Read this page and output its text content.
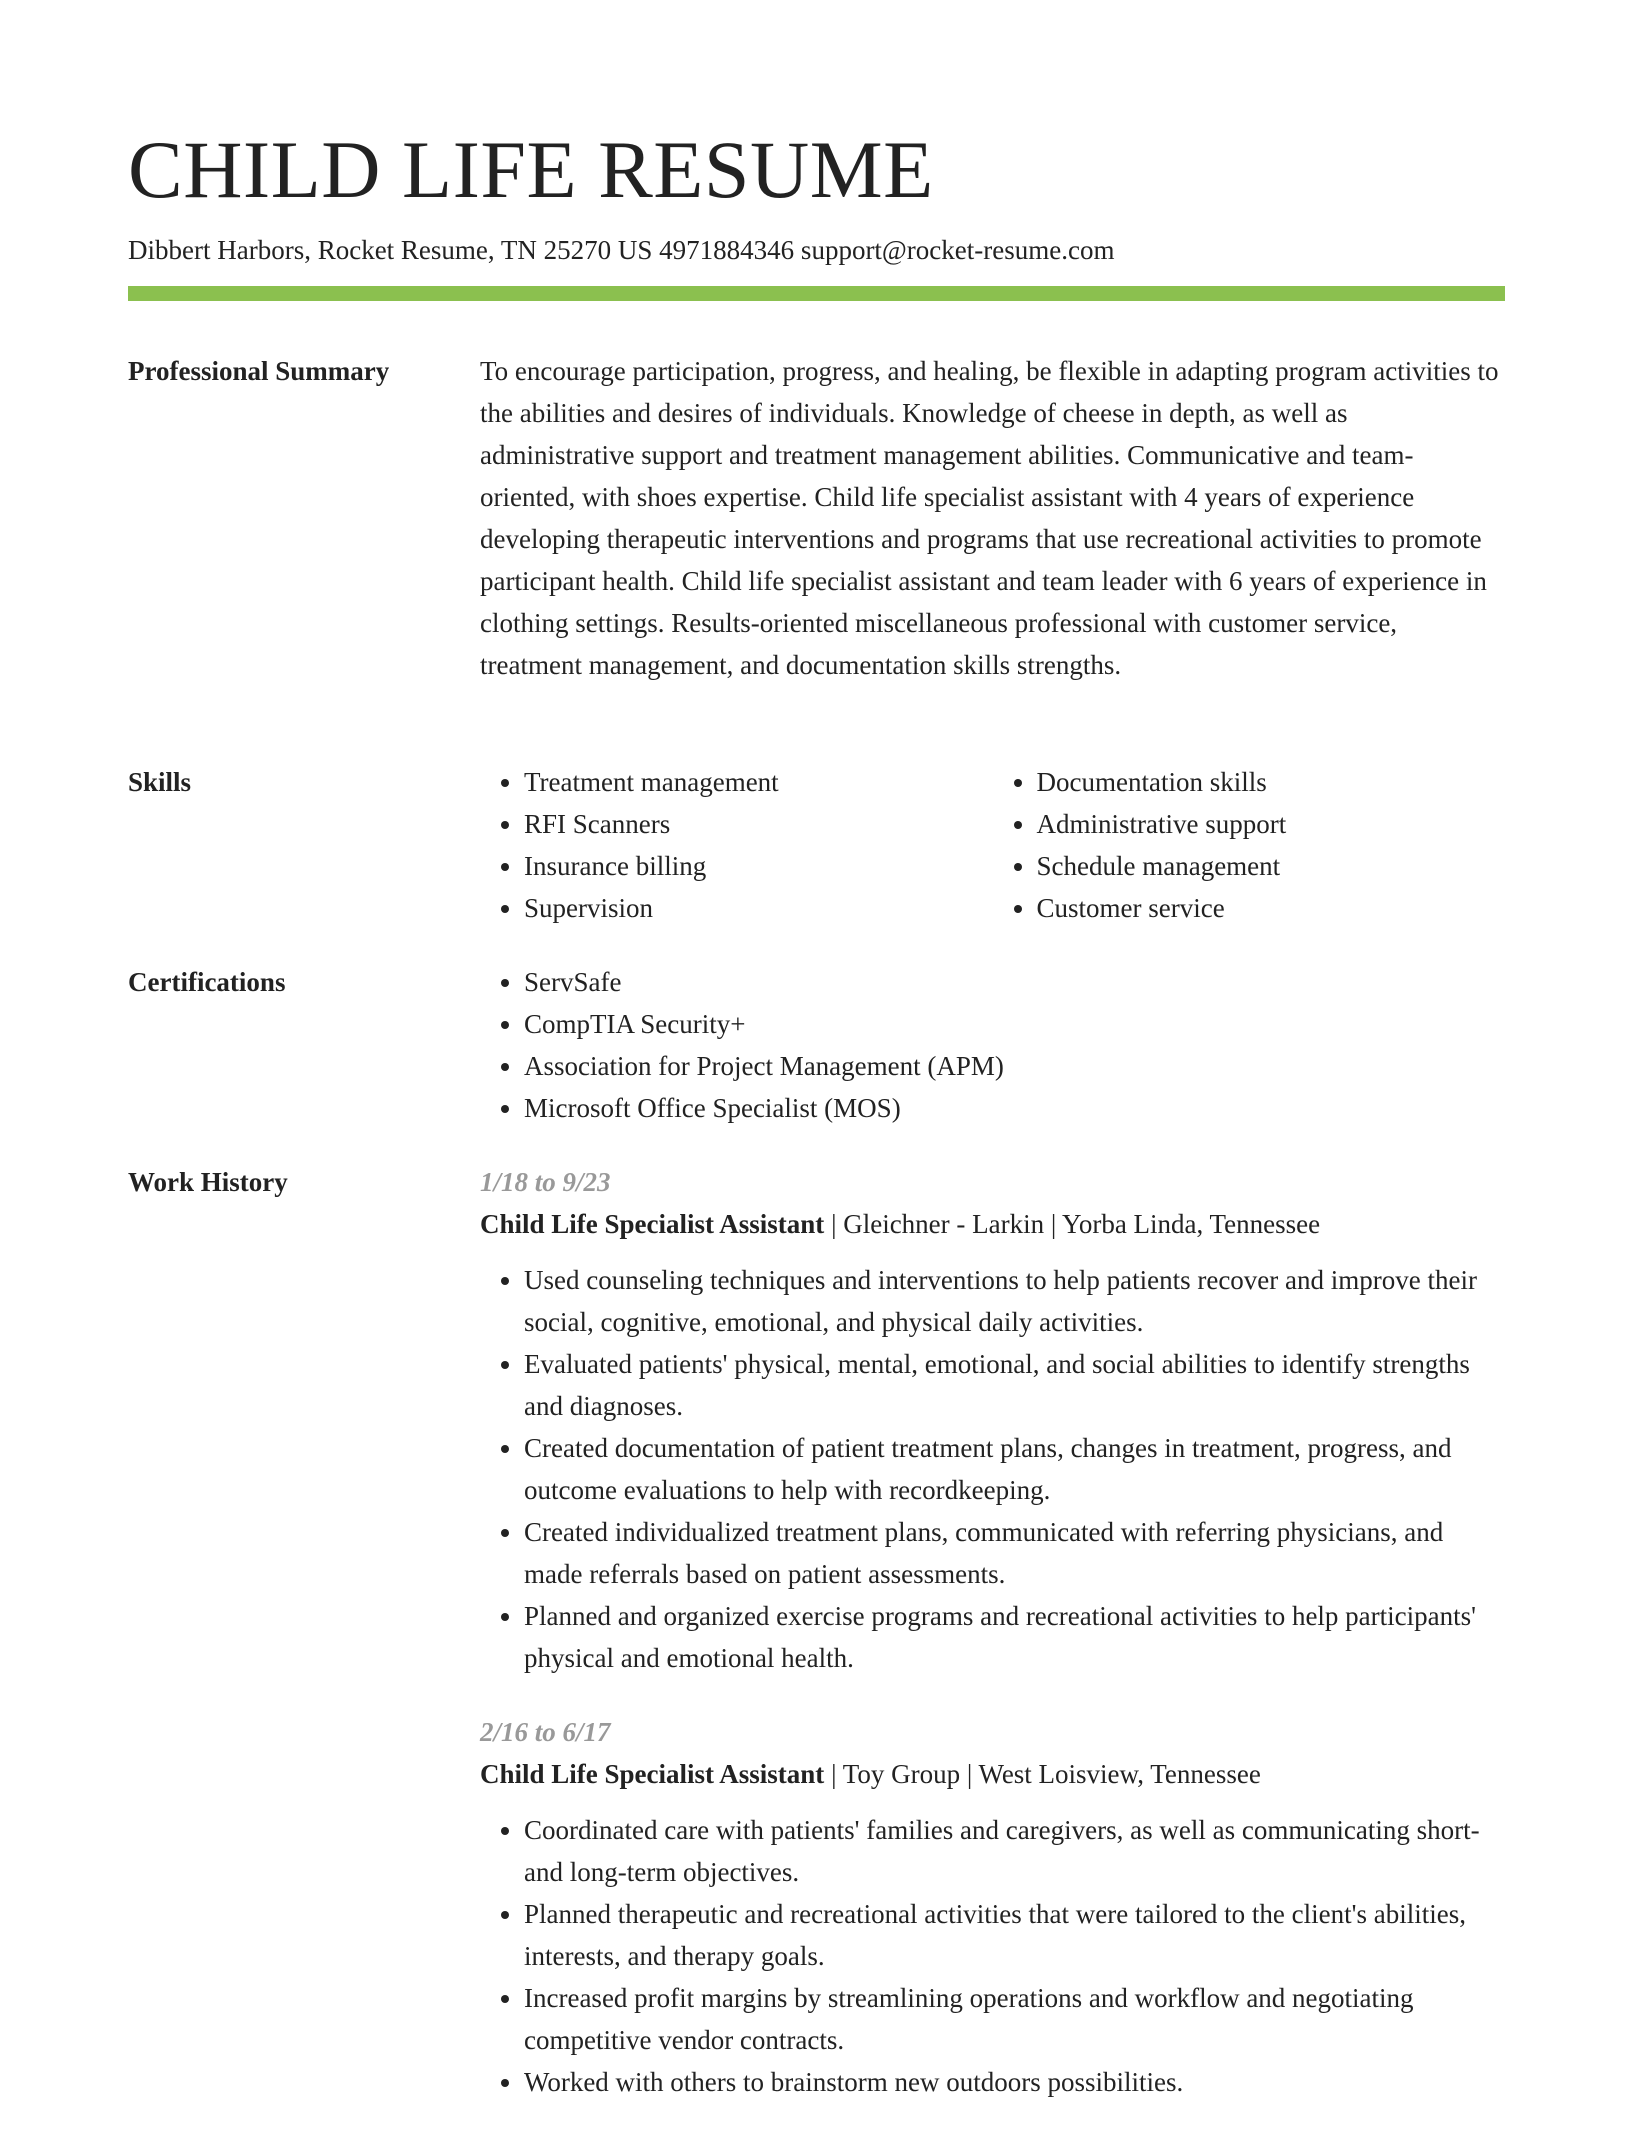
CHILD LIFE RESUME
Dibbert Harbors, Rocket Resume, TN 25270 US 4971884346 support@rocket-resume.com
Professional Summary	To encourage participation, progress, and healing, be flexible in adapting program activities to the abilities and desires of individuals. Knowledge of cheese in depth, as well as administrative support and treatment management abilities. Communicative and team-oriented, with shoes expertise. Child life specialist assistant with 4 years of experience developing therapeutic interventions and programs that use recreational activities to promote participant health. Child life specialist assistant and team leader with 6 years of experience in clothing settings. Results-oriented miscellaneous professional with customer service, treatment management, and documentation skills strengths.

Skills	• Treatment management
• RFI Scanners
• Insurance billing
• Supervision
• Documentation skills
• Administrative support
• Schedule management
• Customer service
Certifications	• ServSafe
• CompTIA Security+
• Association for Project Management (APM)
• Microsoft Office Specialist (MOS)
Work History	1/18 to 9/23

Child Life Specialist Assistant | Gleichner - Larkin | Yorba Linda, Tennessee

• Used counseling techniques and interventions to help patients recover and improve their social, cognitive, emotional, and physical daily activities.
• Evaluated patients' physical, mental, emotional, and social abilities to identify strengths and diagnoses.
• Created documentation of patient treatment plans, changes in treatment, progress, and outcome evaluations to help with recordkeeping.
• Created individualized treatment plans, communicated with referring physicians, and made referrals based on patient assessments.
• Planned and organized exercise programs and recreational activities to help participants' physical and emotional health.

2/16 to 6/17

Child Life Specialist Assistant | Toy Group | West Loisview, Tennessee

• Coordinated care with patients' families and caregivers, as well as communicating short- and long-term objectives.
• Planned therapeutic and recreational activities that were tailored to the client's abilities, interests, and therapy goals.
• Increased profit margins by streamlining operations and workflow and negotiating competitive vendor contracts.
• Worked with others to brainstorm new outdoors possibilities.
